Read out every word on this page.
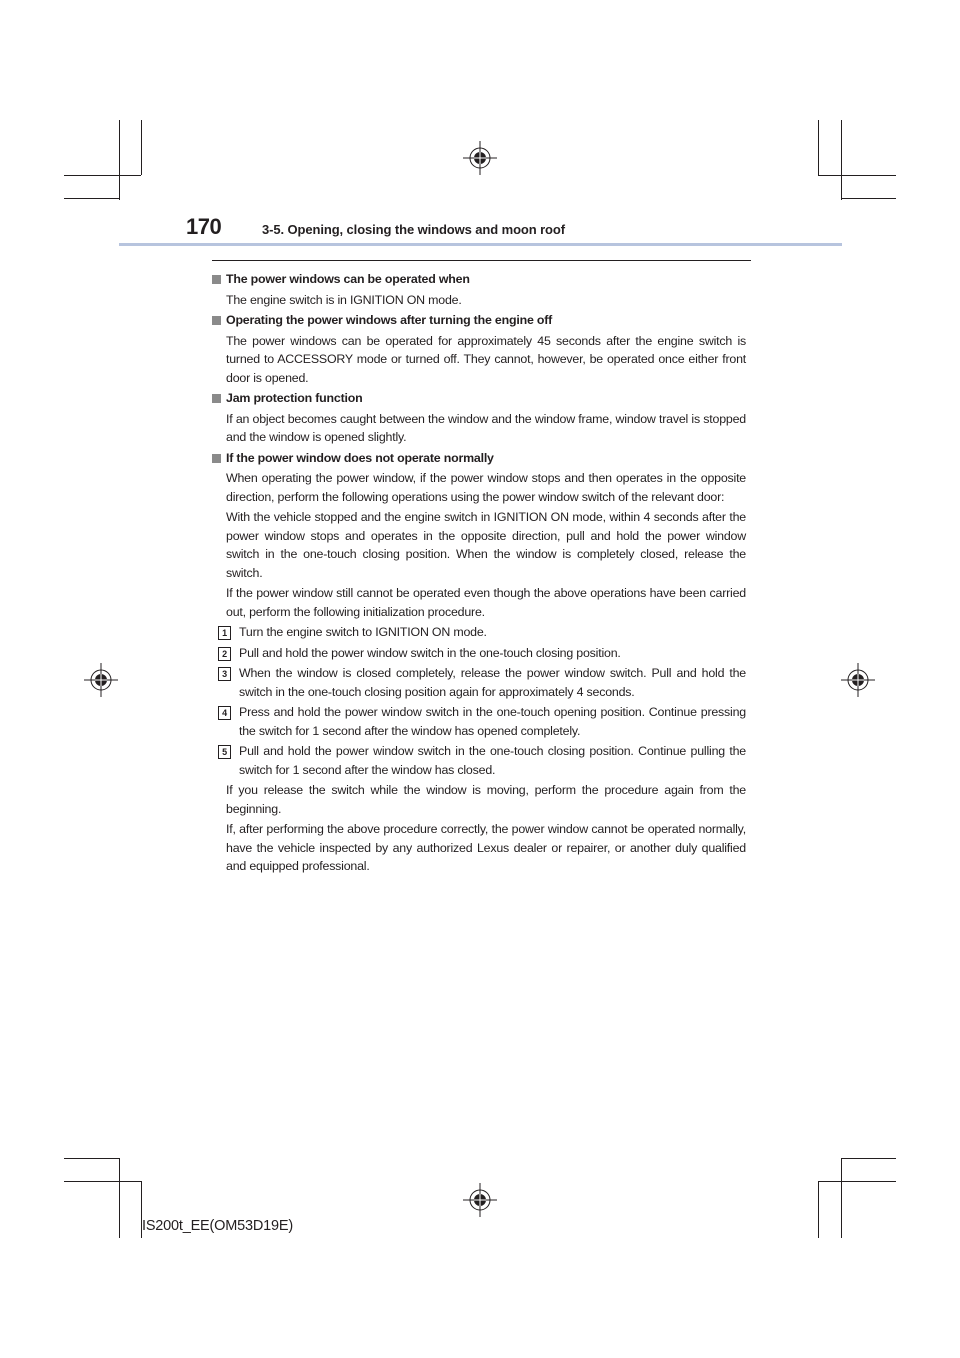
170	3-5. Opening, closing the windows and moon roof
The power windows can be operated when
The engine switch is in IGNITION ON mode.
Operating the power windows after turning the engine off
The power windows can be operated for approximately 45 seconds after the engine switch is turned to ACCESSORY mode or turned off. They cannot, however, be operated once either front door is opened.
Jam protection function
If an object becomes caught between the window and the window frame, window travel is stopped and the window is opened slightly.
If the power window does not operate normally
When operating the power window, if the power window stops and then operates in the opposite direction, perform the following operations using the power window switch of the relevant door:
With the vehicle stopped and the engine switch in IGNITION ON mode, within 4 seconds after the power window stops and operates in the opposite direction, pull and hold the power window switch in the one-touch closing position. When the window is completely closed, release the switch.
If the power window still cannot be operated even though the above operations have been carried out, perform the following initialization procedure.
1 Turn the engine switch to IGNITION ON mode.
2 Pull and hold the power window switch in the one-touch closing position.
3 When the window is closed completely, release the power window switch. Pull and hold the switch in the one-touch closing position again for approximately 4 seconds.
4 Press and hold the power window switch in the one-touch opening position. Continue pressing the switch for 1 second after the window has opened completely.
5 Pull and hold the power window switch in the one-touch closing position. Continue pulling the switch for 1 second after the window has closed.
If you release the switch while the window is moving, perform the procedure again from the beginning.
If, after performing the above procedure correctly, the power window cannot be operated normally, have the vehicle inspected by any authorized Lexus dealer or repairer, or another duly qualified and equipped professional.
IS200t_EE(OM53D19E)
